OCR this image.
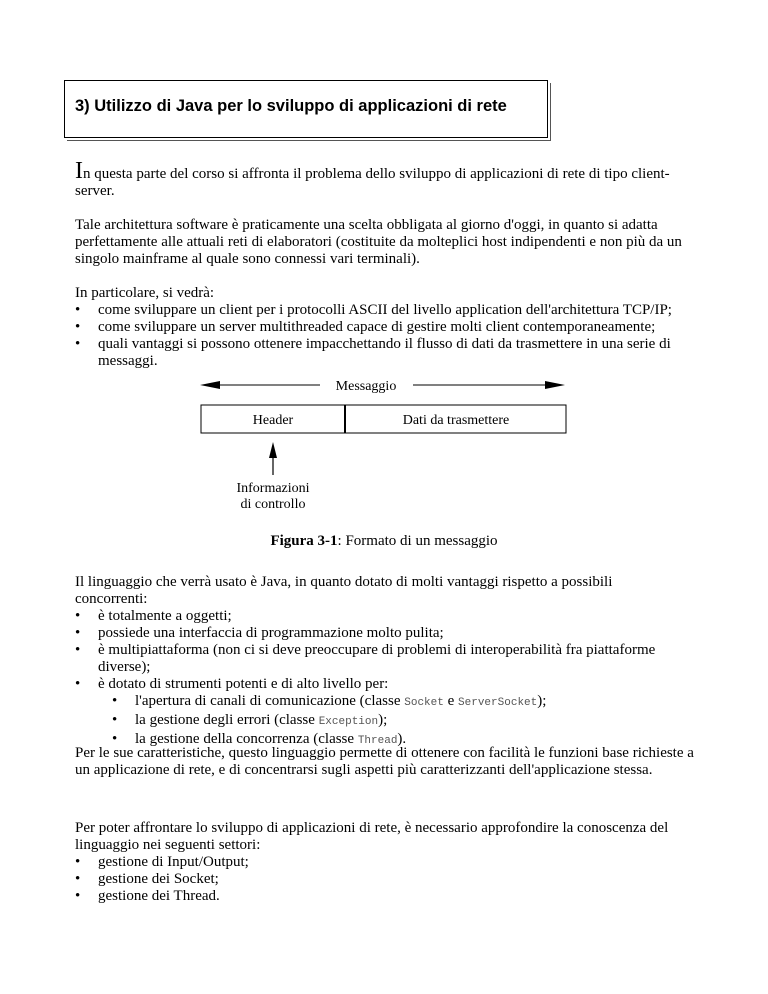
3) Utilizzo di Java per lo sviluppo di applicazioni di rete

In questa parte del corso si affronta il problema dello sviluppo di applicazioni di rete di tipo client-server.

Tale architettura software è praticamente una scelta obbligata al giorno d'oggi, in quanto si adatta perfettamente alle attuali reti di elaboratori (costituite da molteplici host indipendenti e non più da un singolo mainframe al quale sono connessi vari terminali).

In particolare, si vedrà:

• come sviluppare un client per i protocolli ASCII del livello application dell'architettura TCP/IP;
• come sviluppare un server multithreaded capace di gestire molti client contemporaneamente;
• quali vantaggi si possono ottenere impacchettando il flusso di dati da trasmettere in una serie di messaggi.
Messaggio
Header	Dati da trasmettere
Informazioni
di controllo
Figura 3-1: Formato di un messaggio

Il linguaggio che verrà usato è Java, in quanto dotato di molti vantaggi rispetto a possibili concorrenti:

• è totalmente a oggetti;
• possiede una interfaccia di programmazione molto pulita;
• è multipiattaforma (non ci si deve preoccupare di problemi di interoperabilità fra piattaforme diverse);
• è dotato di strumenti potenti e di alto livello per:
• l'apertura di canali di comunicazione (classe Socket e ServerSocket);
• la gestione degli errori (classe Exception);
• la gestione della concorrenza (classe Thread).

Per le sue caratteristiche, questo linguaggio permette di ottenere con facilità le funzioni base richieste a un applicazione di rete, e di concentrarsi sugli aspetti più caratterizzanti dell'applicazione stessa.

Per poter affrontare lo sviluppo di applicazioni di rete, è necessario approfondire la conoscenza del linguaggio nei seguenti settori:

• gestione di Input/Output;
• gestione dei Socket;
• gestione dei Thread.
